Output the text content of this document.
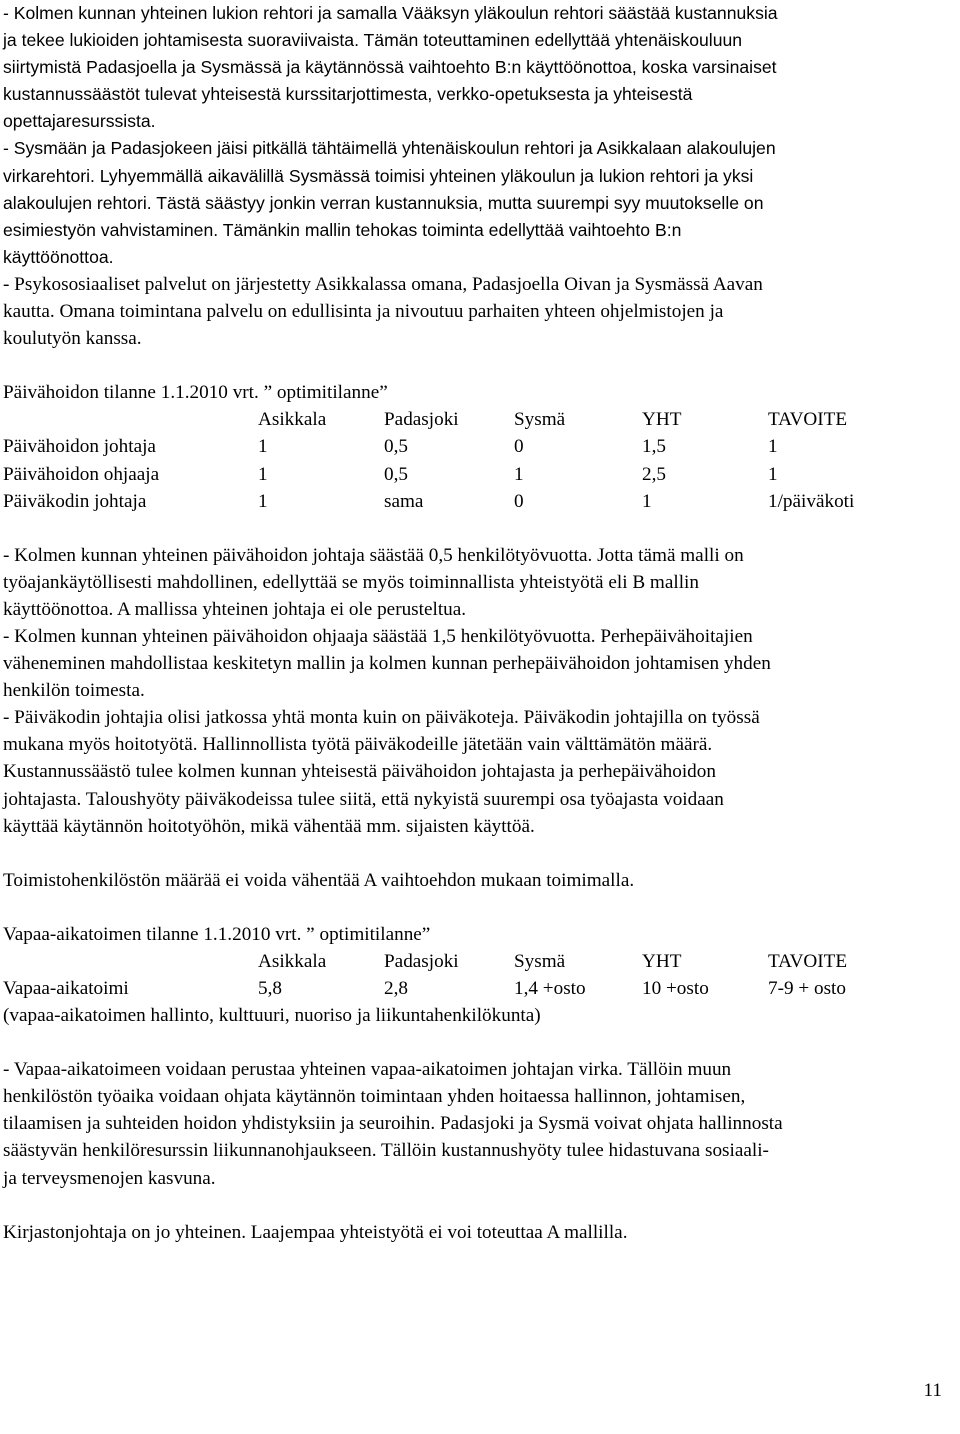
- Kolmen kunnan yhteinen lukion rehtori ja samalla Vääksyn yläkoulun rehtori säästää kustannuksia

ja tekee lukioiden johtamisesta suoraviivaista. Tämän toteuttaminen edellyttää yhtenäiskouluun

siirtymistä Padasjoella ja Sysmässä ja käytännössä vaihtoehto B:n käyttöönottoa, koska varsinaiset

kustannussäästöt tulevat yhteisestä kurssitarjottimesta, verkko-opetuksesta ja yhteisestä

opettajaresurssista.

- Sysmään ja Padasjokeen jäisi pitkällä tähtäimellä yhtenäiskoulun rehtori ja Asikkalaan alakoulujen

virkarehtori. Lyhyemmällä aikavälillä Sysmässä toimisi yhteinen yläkoulun ja lukion rehtori ja yksi

alakoulujen rehtori. Tästä säästyy jonkin verran kustannuksia, mutta suurempi syy muutokselle on

esimiestyön vahvistaminen. Tämänkin mallin tehokas toiminta edellyttää vaihtoehto B:n

käyttöönottoa.

- Psykososiaaliset palvelut on järjestetty Asikkalassa omana, Padasjoella Oivan ja Sysmässä Aavan

kautta. Omana toimintana palvelu on edullisinta ja nivoutuu parhaiten yhteen ohjelmistojen ja

koulutyön kanssa.

Päivähoidon tilanne 1.1.2010 vrt. ” optimitilanne”

	Asikkala	Padasjoki	Sysmä	YHT	TAVOITE
Päivähoidon johtaja	1	0,5	0	1,5	1
Päivähoidon ohjaaja	1	0,5	1	2,5	1
Päiväkodin johtaja	1	sama	0	1	1/päiväkoti

- Kolmen kunnan yhteinen päivähoidon johtaja säästää 0,5 henkilötyövuotta. Jotta tämä malli on

työajankäytöllisesti mahdollinen, edellyttää se myös toiminnallista yhteistyötä eli B mallin

käyttöönottoa. A mallissa yhteinen johtaja ei ole perusteltua.

- Kolmen kunnan yhteinen päivähoidon ohjaaja säästää 1,5 henkilötyövuotta. Perhepäivähoitajien

väheneminen mahdollistaa keskitetyn mallin ja kolmen kunnan perhepäivähoidon johtamisen yhden

henkilön toimesta.

- Päiväkodin johtajia olisi jatkossa yhtä monta kuin on päiväkoteja. Päiväkodin johtajilla on työssä

mukana myös hoitotyötä. Hallinnollista työtä päiväkodeille jätetään vain välttämätön määrä.

Kustannussäästö tulee kolmen kunnan yhteisestä päivähoidon johtajasta ja perhepäivähoidon

johtajasta. Taloushyöty päiväkodeissa tulee siitä, että nykyistä suurempi osa työajasta voidaan

käyttää käytännön hoitotyöhön, mikä vähentää mm. sijaisten käyttöä.

Toimistohenkilöstön määrää ei voida vähentää A vaihtoehdon mukaan toimimalla.

Vapaa-aikatoimen tilanne 1.1.2010 vrt. ” optimitilanne”

	Asikkala	Padasjoki	Sysmä	YHT	TAVOITE
Vapaa-aikatoimi	5,8	2,8	1,4 +osto	10 +osto	7-9 + osto

(vapaa-aikatoimen hallinto, kulttuuri, nuoriso ja liikuntahenkilökunta)

- Vapaa-aikatoimeen voidaan perustaa yhteinen vapaa-aikatoimen johtajan virka. Tällöin muun

henkilöstön työaika voidaan ohjata käytännön toimintaan yhden hoitaessa hallinnon, johtamisen,

tilaamisen ja suhteiden hoidon yhdistyksiin ja seuroihin. Padasjoki ja Sysmä voivat ohjata hallinnosta

säästyvän henkilöresurssin liikunnanohjaukseen. Tällöin kustannushyöty tulee hidastuvana sosiaali-

ja terveysmenojen kasvuna.

Kirjastonjohtaja on jo yhteinen. Laajempaa yhteistyötä ei voi toteuttaa A mallilla.

11
